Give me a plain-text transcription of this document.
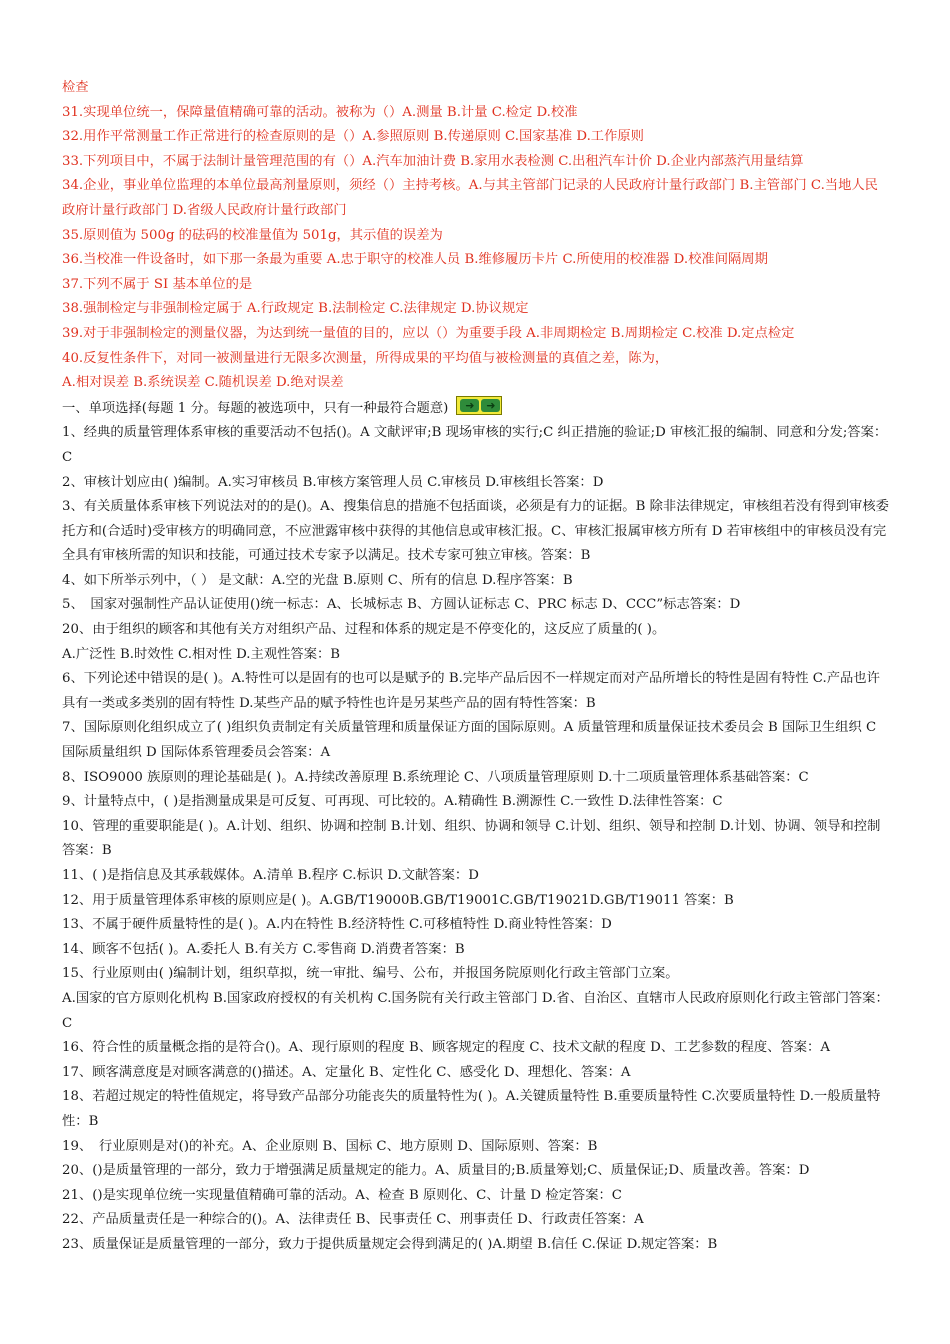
检查

31.实现单位统一，保障量值精确可靠的活动。被称为（）A.测量 B.计量 C.检定 D.校准

32.用作平常测量工作正常进行的检查原则的是（）A.参照原则 B.传递原则 C.国家基准 D.工作原则

33.下列项目中，不属于法制计量管理范围的有（）A.汽车加油计费 B.家用水表检测 C.出租汽车计价 D.企业内部蒸汽用量结算

34.企业，事业单位监理的本单位最高剂量原则，须经（）主持考核。A.与其主管部门记录的人民政府计量行政部门 B.主管部门 C.当地人民政府计量行政部门 D.省级人民政府计量行政部门

35.原则值为 500g 的砝码的校准量值为 501g，其示值的误差为

36.当校准一件设备时，如下那一条最为重要 A.忠于职守的校准人员 B.维修履历卡片 C.所使用的校准器 D.校准间隔周期

37.下列不属于 SI 基本单位的是

38.强制检定与非强制检定属于 A.行政规定 B.法制检定 C.法律规定 D.协议规定

39.对于非强制检定的测量仪器，为达到统一量值的目的，应以（）为重要手段 A.非周期检定 B.周期检定 C.校准 D.定点检定

40.反复性条件下，对同一被测量进行无限多次测量，所得成果的平均值与被检测量的真值之差，陈为，

A.相对误差 B.系统误差 C.随机误差 D.绝对误差

一、单项选择(每题 1 分。每题的被选项中，只有一种最符合题意)	➜	➜

1、经典的质量管理体系审核的重要活动不包括()。A 文献评审;B 现场审核的实行;C 纠正措施的验证;D 审核汇报的编制、同意和分发;答案：C

2、审核计划应由( )编制。A.实习审核员 B.审核方案管理人员 C.审核员 D.审核组长答案：D

3、有关质量体系审核下列说法对的的是()。A、搜集信息的措施不包括面谈，必须是有力的证据。B 除非法律规定，审核组若没有得到审核委托方和(合适时)受审核方的明确同意，不应泄露审核中获得的其他信息或审核汇报。C、审核汇报属审核方所有 D 若审核组中的审核员没有完全具有审核所需的知识和技能，可通过技术专家予以满足。技术专家可独立审核。答案：B

4、如下所举示列中，（ ） 是文献：A.空的光盘 B.原则 C、所有的信息 D.程序答案：B

5、　国家对强制性产品认证使用()统一标志：A、长城标志 B、方圆认证标志 C、PRC 标志 D、CCC”标志答案：D

20、由于组织的顾客和其他有关方对组织产品、过程和体系的规定是不停变化的，这反应了质量的( )。

A.广泛性 B.时效性 C.相对性 D.主观性答案：B

6、下列论述中错误的是( )。A.特性可以是固有的也可以是赋予的 B.完毕产品后因不一样规定而对产品所增长的特性是固有特性 C.产品也许具有一类或多类别的固有特性 D.某些产品的赋予特性也许是另某些产品的固有特性答案：B

7、国际原则化组织成立了( )组织负责制定有关质量管理和质量保证方面的国际原则。A 质量管理和质量保证技术委员会 B 国际卫生组织 C 国际质量组织 D 国际体系管理委员会答案：A

8、ISO9000 族原则的理论基础是( )。A.持续改善原理 B.系统理论 C、八项质量管理原则 D.十二项质量管理体系基础答案：C

9、计量特点中，( )是指测量成果是可反复、可再现、可比较的。A.精确性 B.溯源性 C.一致性 D.法律性答案：C

10、管理的重要职能是( )。A.计划、组织、协调和控制 B.计划、组织、协调和领导 C.计划、组织、领导和控制 D.计划、协调、领导和控制答案：B

11、( )是指信息及其承载媒体。A.清单 B.程序 C.标识 D.文献答案：D

12、用于质量管理体系审核的原则应是( )。A.GB/T19000B.GB/T19001C.GB/T19021D.GB/T19011 答案：B

13、不属于硬件质量特性的是( )。A.内在特性 B.经济特性 C.可移植特性 D.商业特性答案：D

14、顾客不包括( )。A.委托人 B.有关方 C.零售商 D.消费者答案：B

15、行业原则由( )编制计划，组织草拟，统一审批、编号、公布，并报国务院原则化行政主管部门立案。

A.国家的官方原则化机构 B.国家政府授权的有关机构 C.国务院有关行政主管部门 D.省、自治区、直辖市人民政府原则化行政主管部门答案：C

16、符合性的质量概念指的是符合()。A、现行原则的程度 B、顾客规定的程度 C、技术文献的程度 D、工艺参数的程度、答案：A

17、顾客满意度是对顾客满意的()描述。A、定量化 B、定性化 C、感受化 D、理想化、答案：A

18、若超过规定的特性值规定，将导致产品部分功能丧失的质量特性为( )。A.关键质量特性 B.重要质量特性 C.次要质量特性 D.一般质量特性：B

19、　行业原则是对()的补充。A、企业原则 B、国标 C、地方原则 D、国际原则、答案：B

20、()是质量管理的一部分，致力于增强满足质量规定的能力。A、质量目的;B.质量筹划;C、质量保证;D、质量改善。答案：D

21、()是实现单位统一实现量值精确可靠的活动。A、检查 B 原则化、C、计量 D 检定答案：C

22、产品质量责任是一种综合的()。A、法律责任 B、民事责任 C、刑事责任 D、行政责任答案：A

23、质量保证是质量管理的一部分，致力于提供质量规定会得到满足的( )A.期望 B.信任 C.保证 D.规定答案：B
